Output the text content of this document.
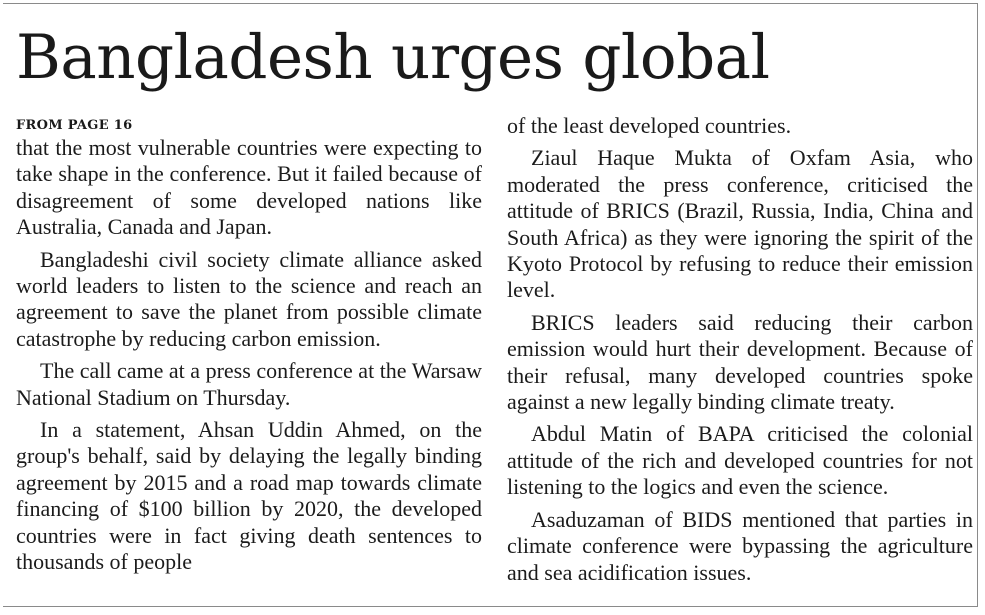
Bangladesh urges global
FROM PAGE 16

that the most vulnerable countries were expecting to take shape in the conference. But it failed because of disagreement of some developed nations like Australia, Canada and Japan.

Bangladeshi civil society climate alliance asked world leaders to listen to the science and reach an agreement to save the planet from possible climate catastrophe by reducing carbon emission.

The call came at a press conference at the Warsaw National Stadium on Thursday.

In a statement, Ahsan Uddin Ahmed, on the group's behalf, said by delaying the legally binding agreement by 2015 and a road map towards climate financing of $100 billion by 2020, the developed countries were in fact giving death sentences to thousands of people

of the least developed countries.

Ziaul Haque Mukta of Oxfam Asia, who moderated the press conference, criticised the attitude of BRICS (Brazil, Russia, India, China and South Africa) as they were ignoring the spirit of the Kyoto Protocol by refusing to reduce their emission level.

BRICS leaders said reducing their carbon emission would hurt their development. Because of their refusal, many developed countries spoke against a new legally binding climate treaty.

Abdul Matin of BAPA criticised the colonial attitude of the rich and developed countries for not listening to the logics and even the science.

Asaduzaman of BIDS mentioned that parties in climate conference were bypassing the agriculture and sea acidification issues.
